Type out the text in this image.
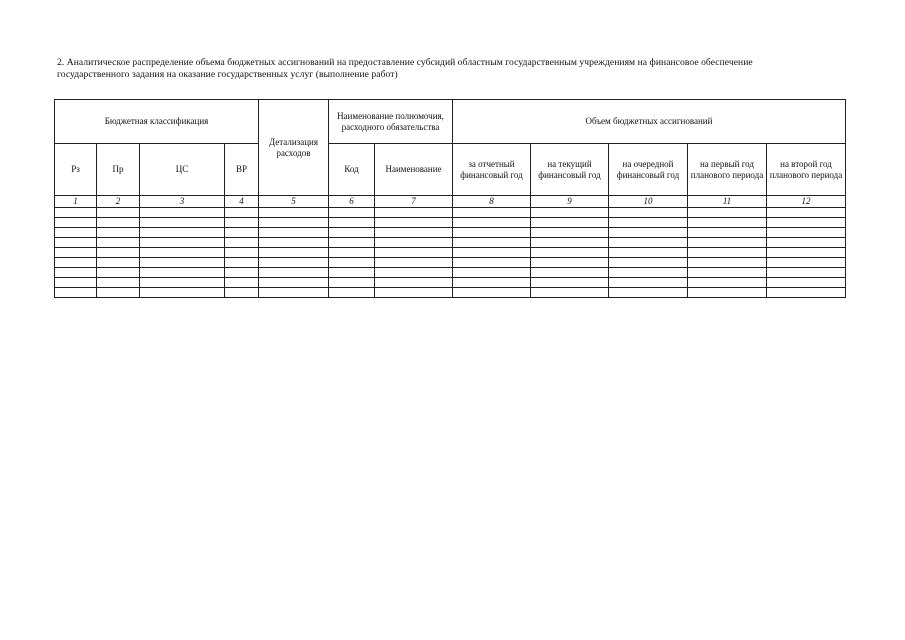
2. Аналитическое распределение объема бюджетных ассигнований на предоставление субсидий областным государственным учреждениям на финансовое обеспечение
государственного задания на оказание государственных услуг (выполнение работ)
Бюджетная классификация				Детализация расходов	Наименование полномочия, расходного обязательства		Объем бюджетных ассигнований				
Рз	Пр	ЦС	ВР		Код	Наименование	за отчетный финансовый год	на текущий финансовый год	на очередной финансовый год	на первый год планового периода	на второй год планового периода
1	2	3	4	5	6	7	8	9	10	11	12
